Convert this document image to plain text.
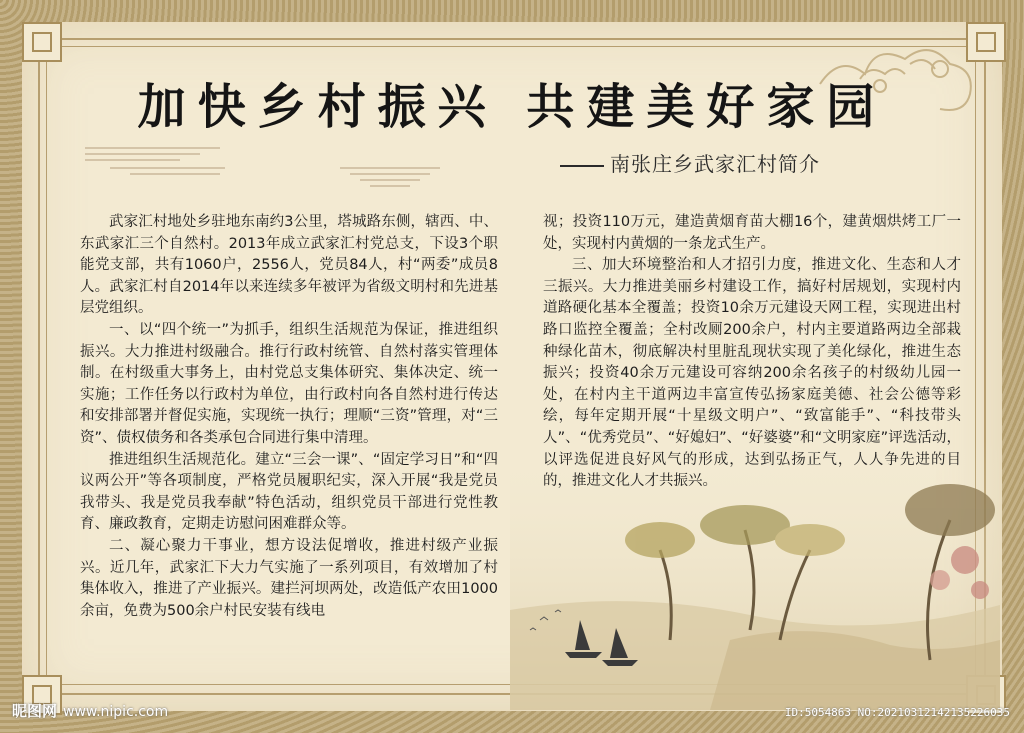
加快乡村振兴 共建美好家园
南张庄乡武家汇村简介

武家汇村地处乡驻地东南约3公里，塔城路东侧，辖西、中、东武家汇三个自然村。2013年成立武家汇村党总支，下设3个职能党支部，共有1060户，2556人，党员84人，村“两委”成员8人。武家汇村自2014年以来连续多年被评为省级文明村和先进基层党组织。

一、以“四个统一”为抓手，组织生活规范为保证，推进组织振兴。大力推进村级融合。推行行政村统管、自然村落实管理体制。在村级重大事务上，由村党总支集体研究、集体决定、统一实施；工作任务以行政村为单位，由行政村向各自然村进行传达和安排部署并督促实施，实现统一执行；理顺“三资”管理，对“三资”、债权债务和各类承包合同进行集中清理。

推进组织生活规范化。建立“三会一课”、“固定学习日”和“四议两公开”等各项制度，严格党员履职纪实，深入开展“我是党员我带头、我是党员我奉献”特色活动，组织党员干部进行党性教育、廉政教育，定期走访慰问困难群众等。

二、凝心聚力干事业，想方设法促增收，推进村级产业振兴。近几年，武家汇下大力气实施了一系列项目，有效增加了村集体收入，推进了产业振兴。建拦河坝两处，改造低产农田1000余亩，免费为500余户村民安装有线电

视；投资110万元，建造黄烟育苗大棚16个，建黄烟烘烤工厂一处，实现村内黄烟的一条龙式生产。

三、加大环境整治和人才招引力度，推进文化、生态和人才三振兴。大力推进美丽乡村建设工作，搞好村居规划，实现村内道路硬化基本全覆盖；投资10余万元建设天网工程，实现进出村路口监控全覆盖；全村改厕200余户，村内主要道路两边全部栽种绿化苗木，彻底解决村里脏乱现状实现了美化绿化，推进生态振兴；投资40余万元建设可容纳200余名孩子的村级幼儿园一处，在村内主干道两边丰富宣传弘扬家庭美德、社会公德等彩绘，每年定期开展“十星级文明户”、“致富能手”、“科技带头人”、“优秀党员”、“好媳妇”、“好婆婆”和“文明家庭”评选活动，以评选促进良好风气的形成，达到弘扬正气，人人争先进的目的，推进文化人才共振兴。

昵图网 www.nipic.com	ID:5054863 NO:20210312142135226035
